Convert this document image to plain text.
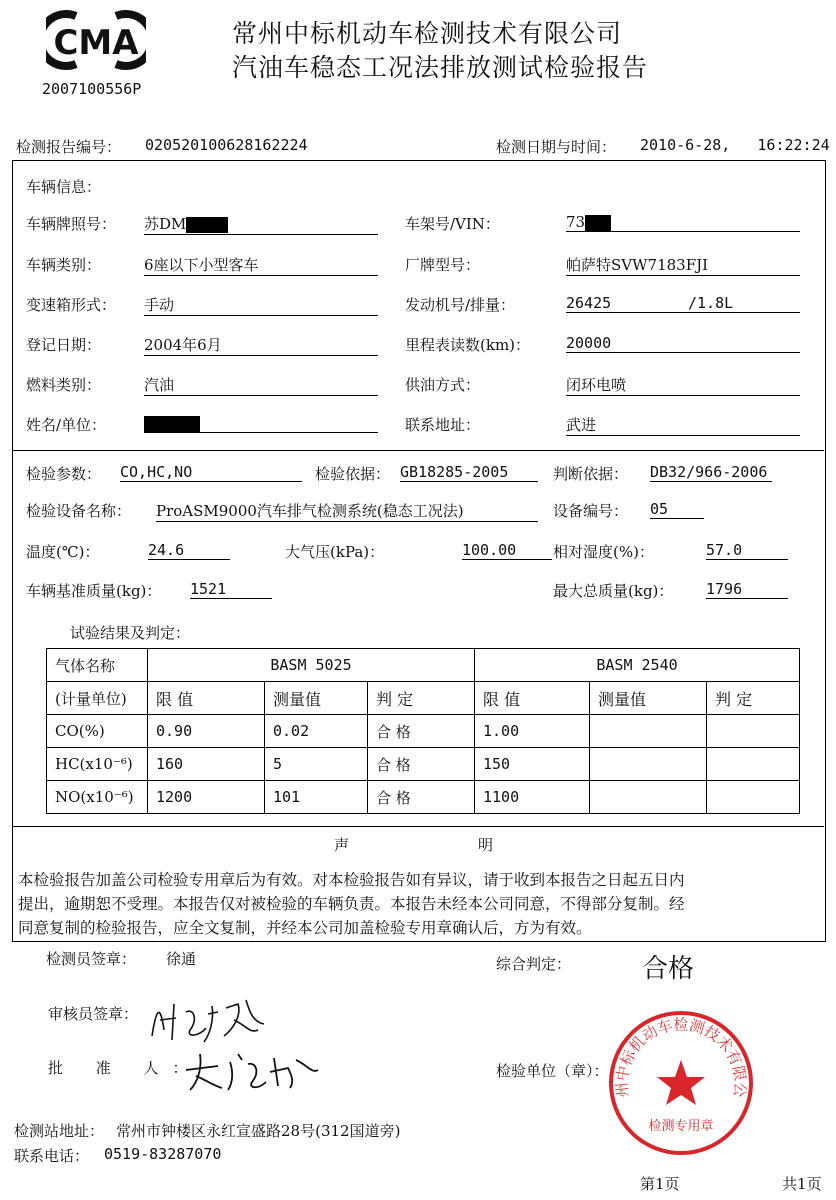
CMA
2007100556P
常州中标机动车检测技术有限公司
汽油车稳态工况法排放测试检验报告
检测报告编号： 020520100628162224	检测日期与时间： 2010-6-28,   16:22:24
车辆信息：
车辆牌照号： 苏DM	车架号/VIN：	73
车辆类别：	6座以下小型客车	厂牌型号：	帕萨特SVW7183FJI
变速箱形式： 手动	发动机号/排量：	26425	/1.8L
登记日期：	2004年6月	里程表读数(km)： 20000
燃料类别：	汽油	供油方式：	闭环电喷
姓名/单位：	联系地址：	武进
检验参数： CO,HC,NO	检验依据： GB18285-2005	判断依据： DB32/966-2006
检验设备名称： ProASM9000汽车排气检测系统(稳态工况法)	设备编号： 05
温度(℃)：	24.6	大气压(kPa)：	100.00	相对湿度(%)：	57.0
车辆基准质量(kg)： 1521	最大总质量(kg)： 1796
试验结果及判定：
气体名称	BASM 5025			BASM 2540		
(计量单位)	限 值	测量值	判 定	限 值	测量值	判 定
CO(%)	0.90	0.02	合 格	1.00		
HC(x10⁻⁶)	160	5	合 格	150		
NO(x10⁻⁶)	1200	101	合 格	1100		
声	明
本检验报告加盖公司检验专用章后为有效。对本检验报告如有异议，请于收到本报告之日起五日内
提出，逾期恕不受理。本报告仅对被检验的车辆负责。本报告未经本公司同意，不得部分复制。经
同意复制的检验报告，应全文复制，并经本公司加盖检验专用章确认后，方为有效。
检测员签章： 徐通	综合判定：	合格
审核员签章：
批 准 人：	检验单位（章）：
州中标机动车检测技术有限公
检测专用章
检测站地址： 常州市钟楼区永红宣盛路28号(312国道旁)
联系电话： 0519-83287070
第1页	共1页
